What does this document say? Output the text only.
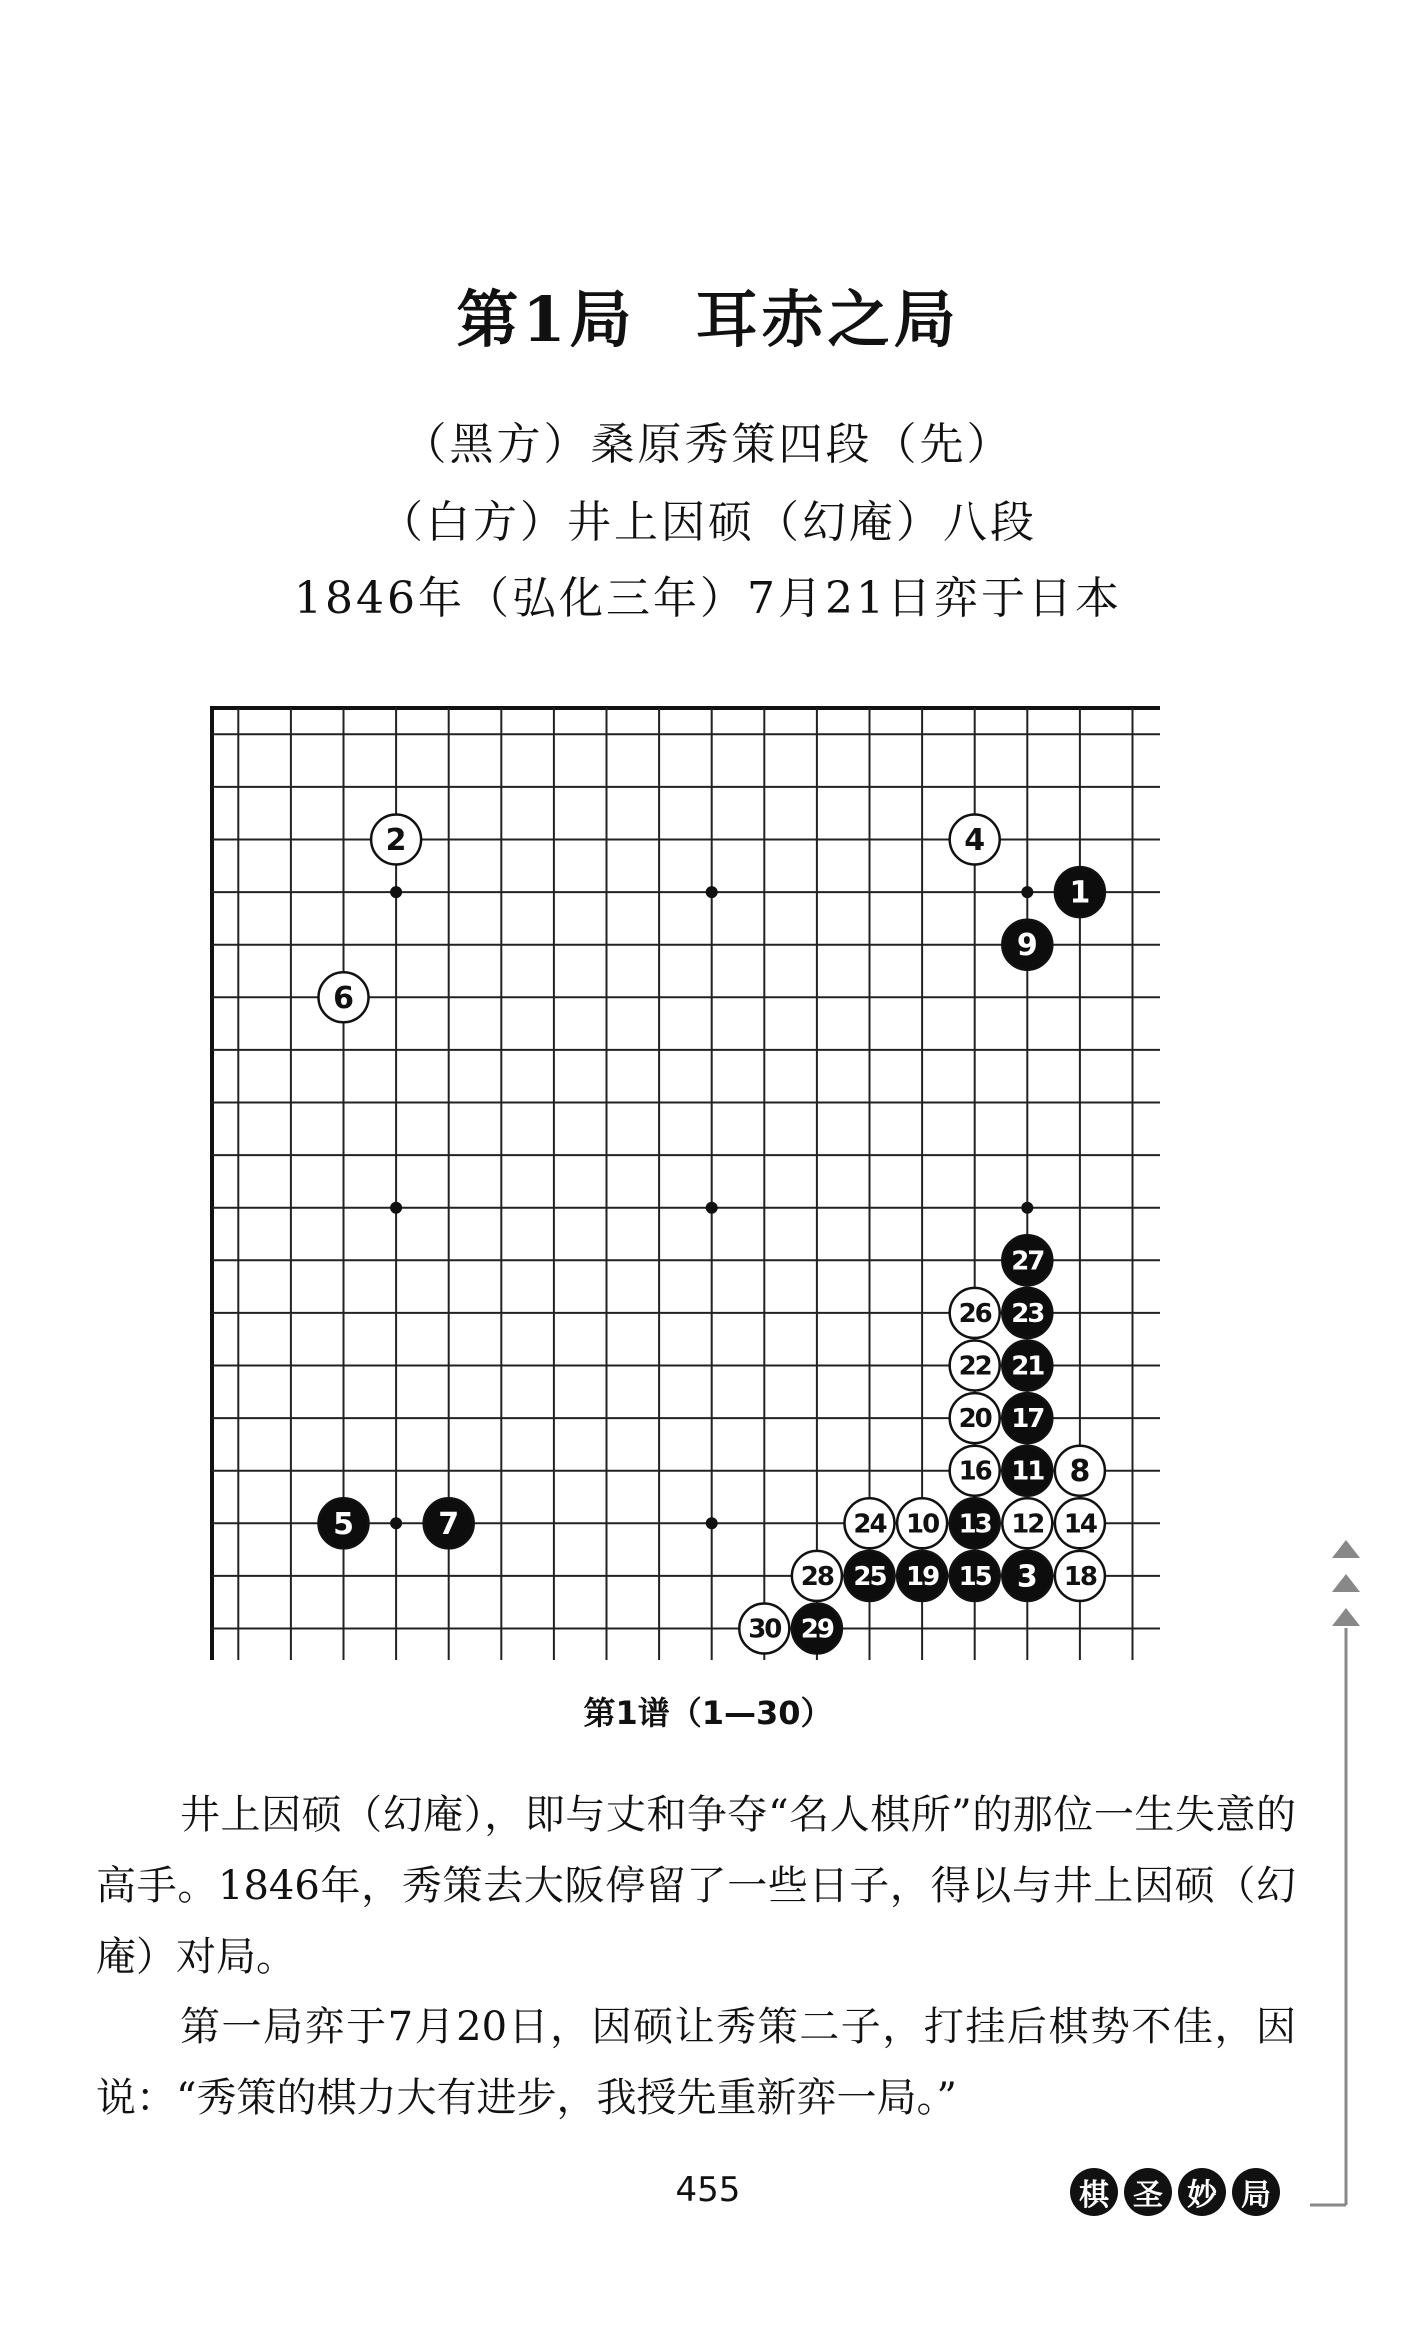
第1局 耳赤之局
（黑方）桑原秀策四段（先）
（白方）井上因硕（幻庵）八段
1846年（弘化三年）7月21日弈于日本
1
2
3
4
5
6
7
8
9
10
11
12
13	14
15
16
17
18
19
20
21
22
23
24
25
26
27
28
29
30
第1谱（1—30）

井上因硕（幻庵），即与丈和争夺“名人棋所”的那位一生失意的高手。1846年，秀策去大阪停留了一些日子，得以与井上因硕（幻庵）对局。

第一局弈于7月20日，因硕让秀策二子，打挂后棋势不佳，因说：“秀策的棋力大有进步，我授先重新弈一局。”

455	棋 圣 妙 局
